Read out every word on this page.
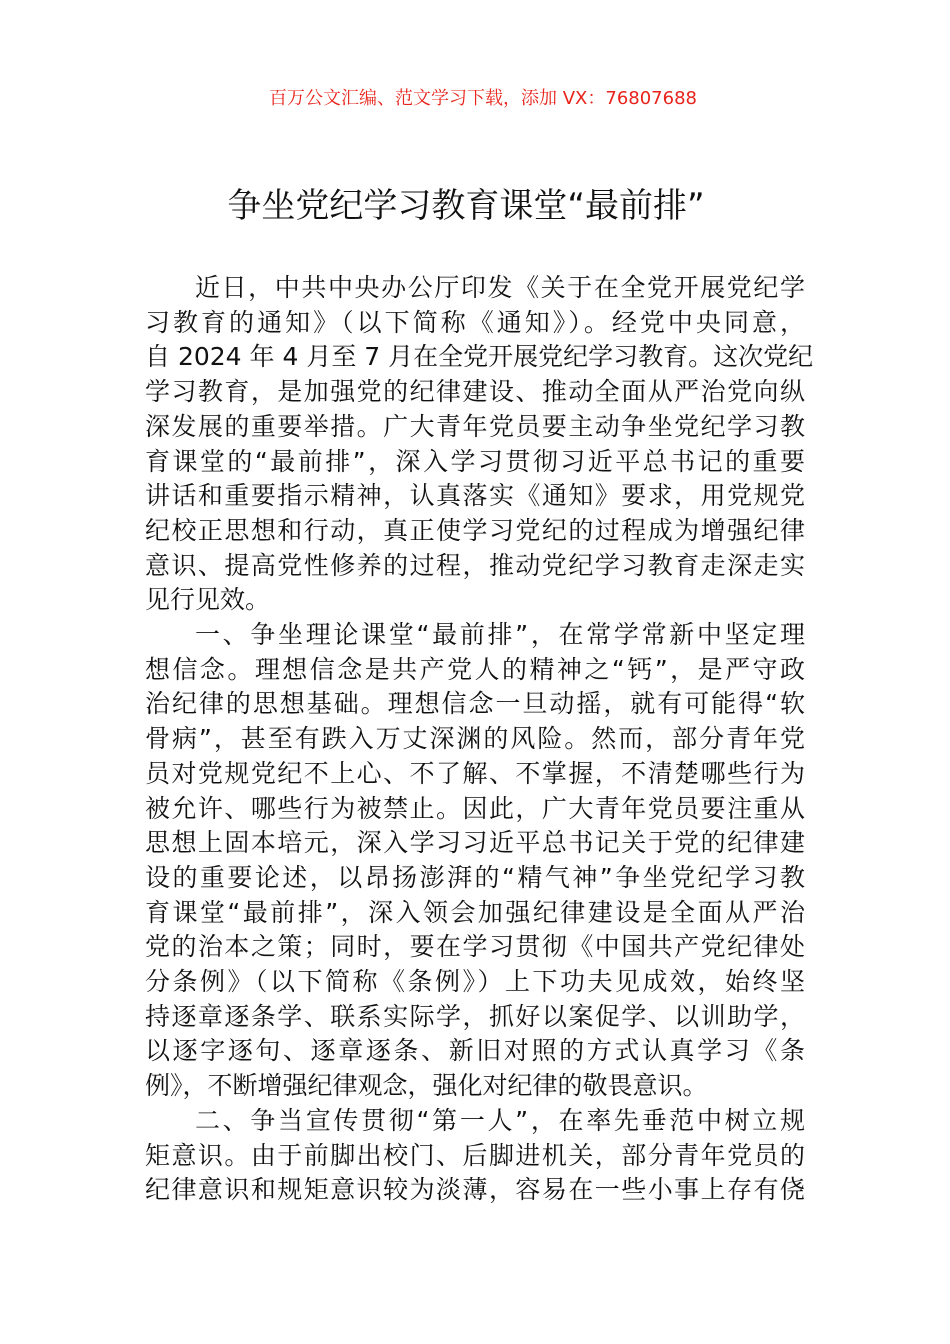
百万公文汇编、范文学习下载，添加 VX：76807688
争坐党纪学习教育课堂“最前排”
近日，中共中央办公厅印发《关于在全党开展党纪学
习教育的通知》（以下简称《通知》）。经党中央同意，
自 2024 年 4 月至 7 月在全党开展党纪学习教育。这次党纪
学习教育，是加强党的纪律建设、推动全面从严治党向纵
深发展的重要举措。广大青年党员要主动争坐党纪学习教
育课堂的“最前排”，深入学习贯彻习近平总书记的重要
讲话和重要指示精神，认真落实《通知》要求，用党规党
纪校正思想和行动，真正使学习党纪的过程成为增强纪律
意识、提高党性修养的过程，推动党纪学习教育走深走实
见行见效。
一、争坐理论课堂“最前排”，在常学常新中坚定理
想信念。理想信念是共产党人的精神之“钙”，是严守政
治纪律的思想基础。理想信念一旦动摇，就有可能得“软
骨病”，甚至有跌入万丈深渊的风险。然而，部分青年党
员对党规党纪不上心、不了解、不掌握，不清楚哪些行为
被允许、哪些行为被禁止。因此，广大青年党员要注重从
思想上固本培元，深入学习习近平总书记关于党的纪律建
设的重要论述，以昂扬澎湃的“精气神”争坐党纪学习教
育课堂“最前排”，深入领会加强纪律建设是全面从严治
党的治本之策；同时，要在学习贯彻《中国共产党纪律处
分条例》（以下简称《条例》）上下功夫见成效，始终坚
持逐章逐条学、联系实际学，抓好以案促学、以训助学，
以逐字逐句、逐章逐条、新旧对照的方式认真学习《条
例》，不断增强纪律观念，强化对纪律的敬畏意识。
二、争当宣传贯彻“第一人”，在率先垂范中树立规
矩意识。由于前脚出校门、后脚进机关，部分青年党员的
纪律意识和规矩意识较为淡薄，容易在一些小事上存有侥
